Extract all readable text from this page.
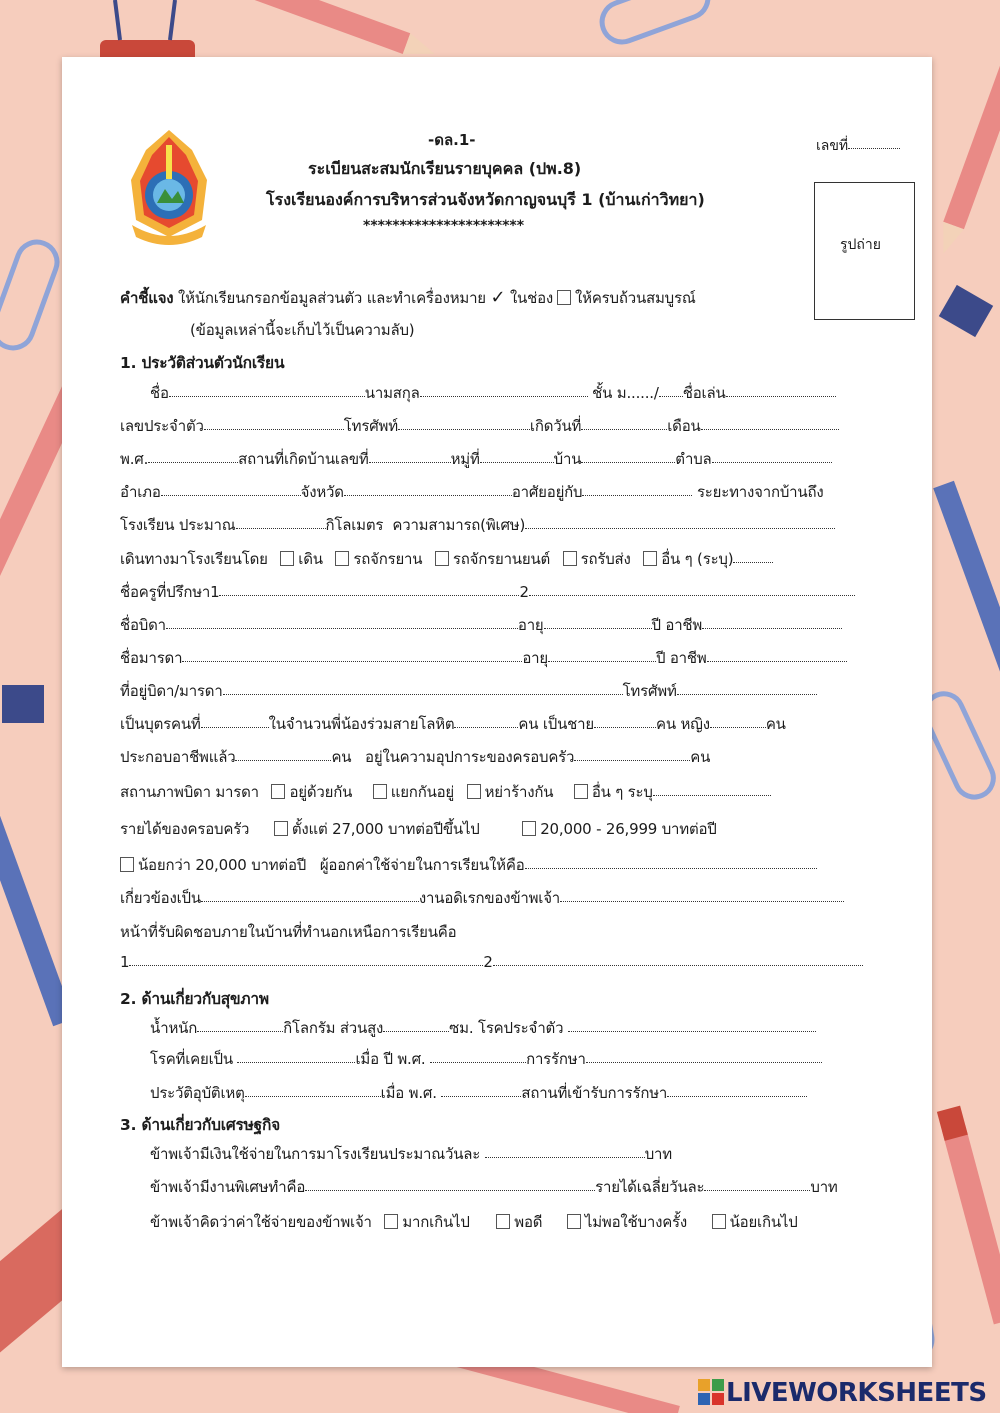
-ดล.1-
ระเบียนสะสมนักเรียนรายบุคคล (ปพ.8)
โรงเรียนองค์การบริหารส่วนจังหวัดกาญจนบุรี 1 (บ้านเก่าวิทยา)
**********************
เลขที่
รูปถ่าย
คำชี้แจง ให้นักเรียนกรอกข้อมูลส่วนตัว และทำเครื่องหมาย ✓ ในช่อง ให้ครบถ้วนสมบูรณ์
(ข้อมูลเหล่านี้จะเก็บไว้เป็นความลับ)
1. ประวัติส่วนตัวนักเรียน
ชื่อ	นามสกุล	ชั้น ม....../ ชื่อเล่น
เลขประจำตัว	โทรศัพท์	เกิดวันที่	เดือน
พ.ศ.	สถานที่เกิดบ้านเลขที่	หมู่ที่	บ้าน	ตำบล
อำเภอ	จังหวัด	อาศัยอยู่กับ	ระยะทางจากบ้านถึง
โรงเรียน ประมาณ	กิโลเมตร ความสามารถ(พิเศษ)
เดินทางมาโรงเรียนโดย เดิน รถจักรยาน รถจักรยานยนต์ รถรับส่ง อื่น ๆ (ระบุ)
ชื่อครูที่ปรึกษา1	2
ชื่อบิดา	อายุ	ปี อาชีพ
ชื่อมารดา	อายุ	ปี อาชีพ
ที่อยู่บิดา/มารดา	โทรศัพท์
เป็นบุตรคนที่	ในจำนวนพี่น้องร่วมสายโลหิต	คน เป็นชาย	คน หญิง	คน
ประกอบอาชีพแล้ว	คน อยู่ในความอุปการะของครอบครัว	คน
สถานภาพบิดา มารดา อยู่ด้วยกัน	แยกกันอยู่ หย่าร้างกัน	อื่น ๆ ระบุ
รายได้ของครอบครัว	ตั้งแต่ 27,000 บาทต่อปีขึ้นไป	20,000 - 26,999 บาทต่อปี
น้อยกว่า 20,000 บาทต่อปี ผู้ออกค่าใช้จ่ายในการเรียนให้คือ
เกี่ยวข้องเป็น	งานอดิเรกของข้าพเจ้า
หน้าที่รับผิดชอบภายในบ้านที่ทำนอกเหนือการเรียนคือ
1	2
2. ด้านเกี่ยวกับสุขภาพ
น้ำหนัก	กิโลกรัม ส่วนสูง	ซม. โรคประจำตัว
โรคที่เคยเป็น	เมื่อ ปี พ.ศ.	การรักษา
ประวัติอุบัติเหตุ	เมื่อ พ.ศ.	สถานที่เข้ารับการรักษา
3. ด้านเกี่ยวกับเศรษฐกิจ
ข้าพเจ้ามีเงินใช้จ่ายในการมาโรงเรียนประมาณวันละ	บาท
ข้าพเจ้ามีงานพิเศษทำคือ	รายได้เฉลี่ยวันละ	บาท
ข้าพเจ้าคิดว่าค่าใช้จ่ายของข้าพเจ้า มากเกินไป	พอดี	ไม่พอใช้บางครั้ง	น้อยเกินไป
LIVEWORKSHEETS
